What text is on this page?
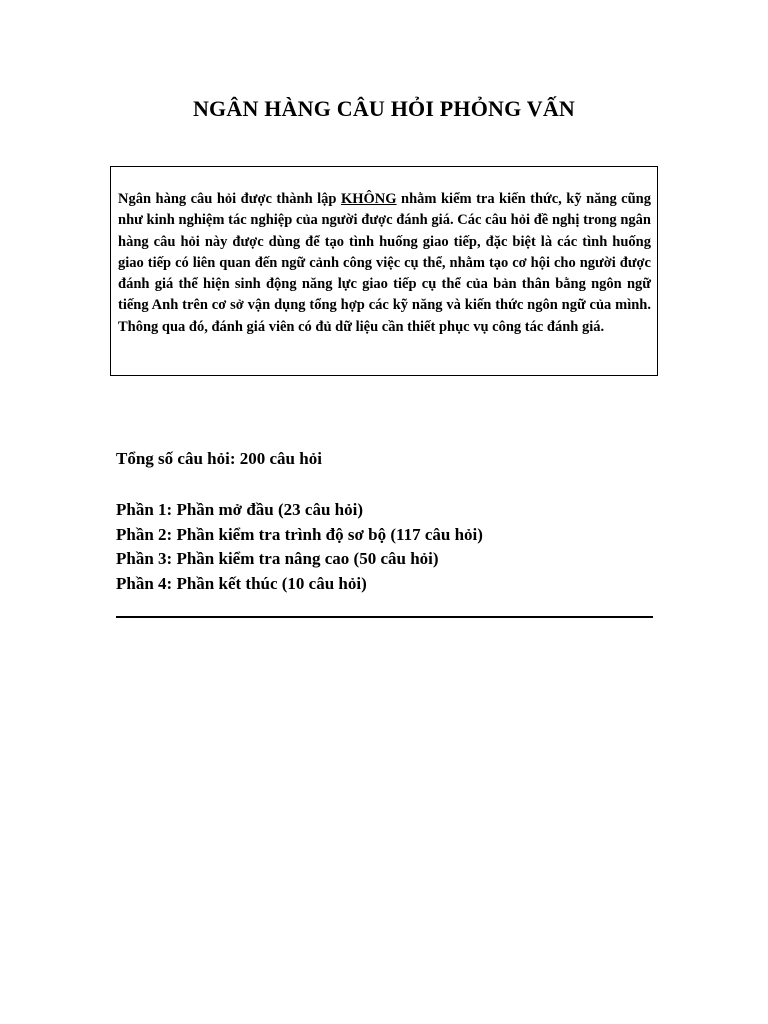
NGÂN HÀNG CÂU HỎI PHỎNG VẤN

Ngân hàng câu hỏi được thành lập KHÔNG nhằm kiểm tra kiến thức, kỹ năng cũng như kinh nghiệm tác nghiệp của người được đánh giá. Các câu hỏi đề nghị trong ngân hàng câu hỏi này được dùng để tạo tình huống giao tiếp, đặc biệt là các tình huống giao tiếp có liên quan đến ngữ cảnh công việc cụ thể, nhằm tạo cơ hội cho người được đánh giá thể hiện sinh động năng lực giao tiếp cụ thể của bản thân bằng ngôn ngữ tiếng Anh trên cơ sở vận dụng tổng hợp các kỹ năng và kiến thức ngôn ngữ của mình. Thông qua đó, đánh giá viên có đủ dữ liệu cần thiết phục vụ công tác đánh giá.

Tổng số câu hỏi: 200 câu hỏi

Phần 1: Phần mở đầu (23 câu hỏi)
Phần 2: Phần kiểm tra trình độ sơ bộ (117 câu hỏi)
Phần 3: Phần kiểm tra nâng cao (50 câu hỏi)
Phần 4: Phần kết thúc (10 câu hỏi)
